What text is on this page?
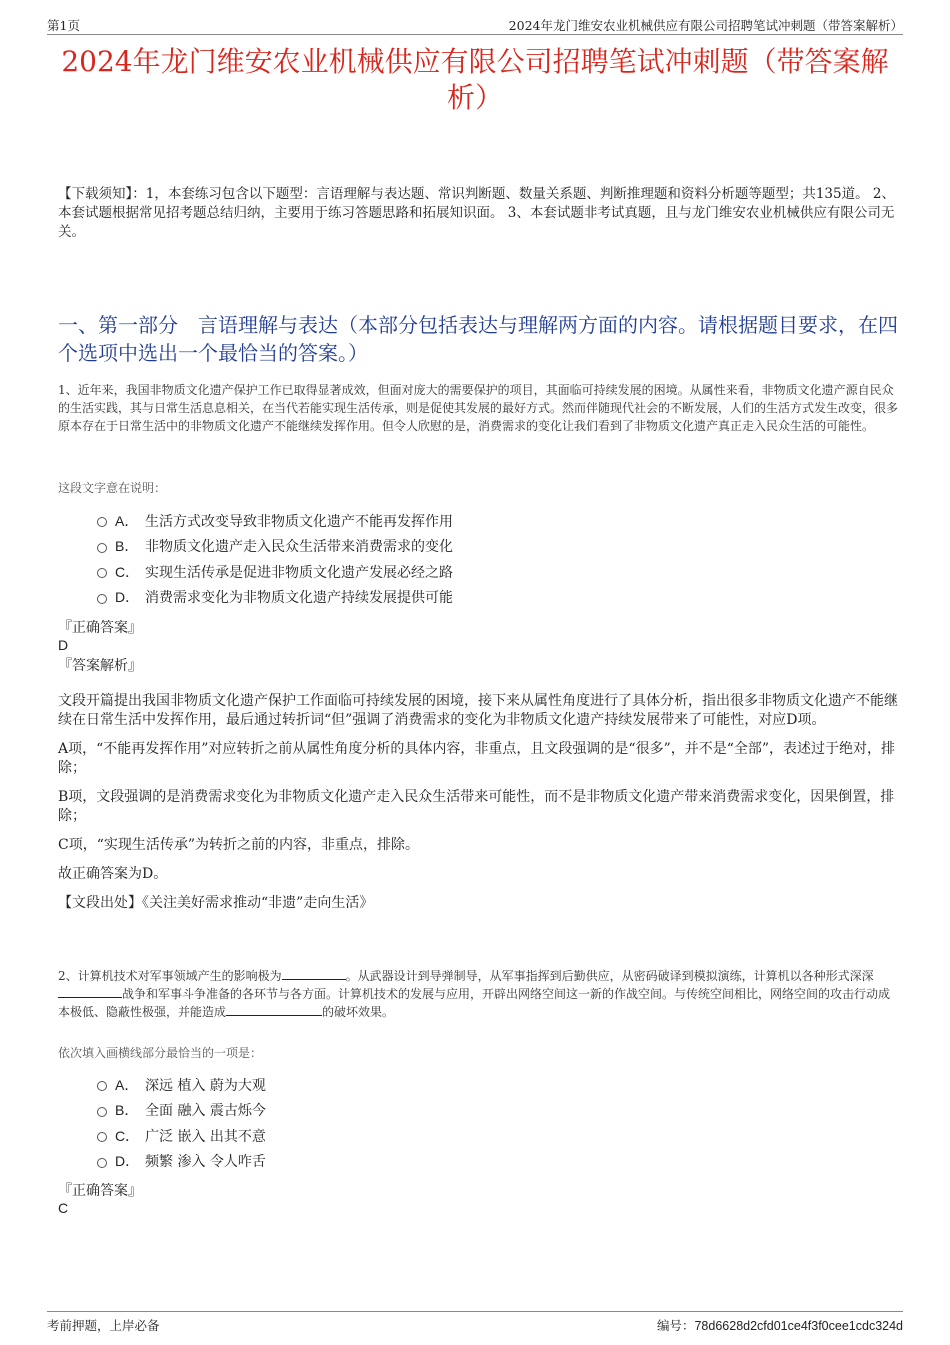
第1页	2024年龙门维安农业机械供应有限公司招聘笔试冲刺题（带答案解析）
2024年龙门维安农业机械供应有限公司招聘笔试冲刺题（带答案解析）
【下载须知】：1，本套练习包含以下题型：言语理解与表达题、常识判断题、数量关系题、判断推理题和资料分析题等题型；共135道。 2、本套试题根据常见招考题总结归纳，主要用于练习答题思路和拓展知识面。 3、本套试题非考试真题，且与龙门维安农业机械供应有限公司无关。
一、第一部分　言语理解与表达（本部分包括表达与理解两方面的内容。请根据题目要求，在四个选项中选出一个最恰当的答案。）
1、近年来，我国非物质文化遗产保护工作已取得显著成效，但面对庞大的需要保护的项目，其面临可持续发展的困境。从属性来看，非物质文化遗产源自民众的生活实践，其与日常生活息息相关，在当代若能实现生活传承，则是促使其发展的最好方式。然而伴随现代社会的不断发展，人们的生活方式发生改变，很多原本存在于日常生活中的非物质文化遗产不能继续发挥作用。但令人欣慰的是，消费需求的变化让我们看到了非物质文化遗产真正走入民众生活的可能性。
这段文字意在说明：
A． 生活方式改变导致非物质文化遗产不能再发挥作用
B． 非物质文化遗产走入民众生活带来消费需求的变化
C． 实现生活传承是促进非物质文化遗产发展必经之路
D． 消费需求变化为非物质文化遗产持续发展提供可能
『正确答案』
D
『答案解析』

文段开篇提出我国非物质文化遗产保护工作面临可持续发展的困境，接下来从属性角度进行了具体分析，指出很多非物质文化遗产不能继续在日常生活中发挥作用，最后通过转折词“但”强调了消费需求的变化为非物质文化遗产持续发展带来了可能性，对应D项。

A项，“不能再发挥作用”对应转折之前从属性角度分析的具体内容，非重点，且文段强调的是“很多”，并不是“全部”，表述过于绝对，排除；

B项，文段强调的是消费需求变化为非物质文化遗产走入民众生活带来可能性，而不是非物质文化遗产带来消费需求变化，因果倒置，排除；

C项，“实现生活传承”为转折之前的内容，非重点，排除。

故正确答案为D。

【文段出处】《关注美好需求推动“非遗”走向生活》

2、计算机技术对军事领域产生的影响极为	。从武器设计到导弹制导，从军事指挥到后勤供应，从密码破译到模拟演练，计算机以各种形式深深战争和军事斗争准备的各环节与各方面。计算机技术的发展与应用，开辟出网络空间这一新的作战空间。与传统空间相比，网络空间的攻击行动成本极低、隐蔽性极强，并能造成	的破坏效果。
依次填入画横线部分最恰当的一项是：
A． 深远 植入 蔚为大观
B． 全面 融入 震古烁今
C． 广泛 嵌入 出其不意
D． 频繁 渗入 令人咋舌
『正确答案』
C
考前押题，上岸必备	编号：78d6628d2cfd01ce4f3f0cee1cdc324d
